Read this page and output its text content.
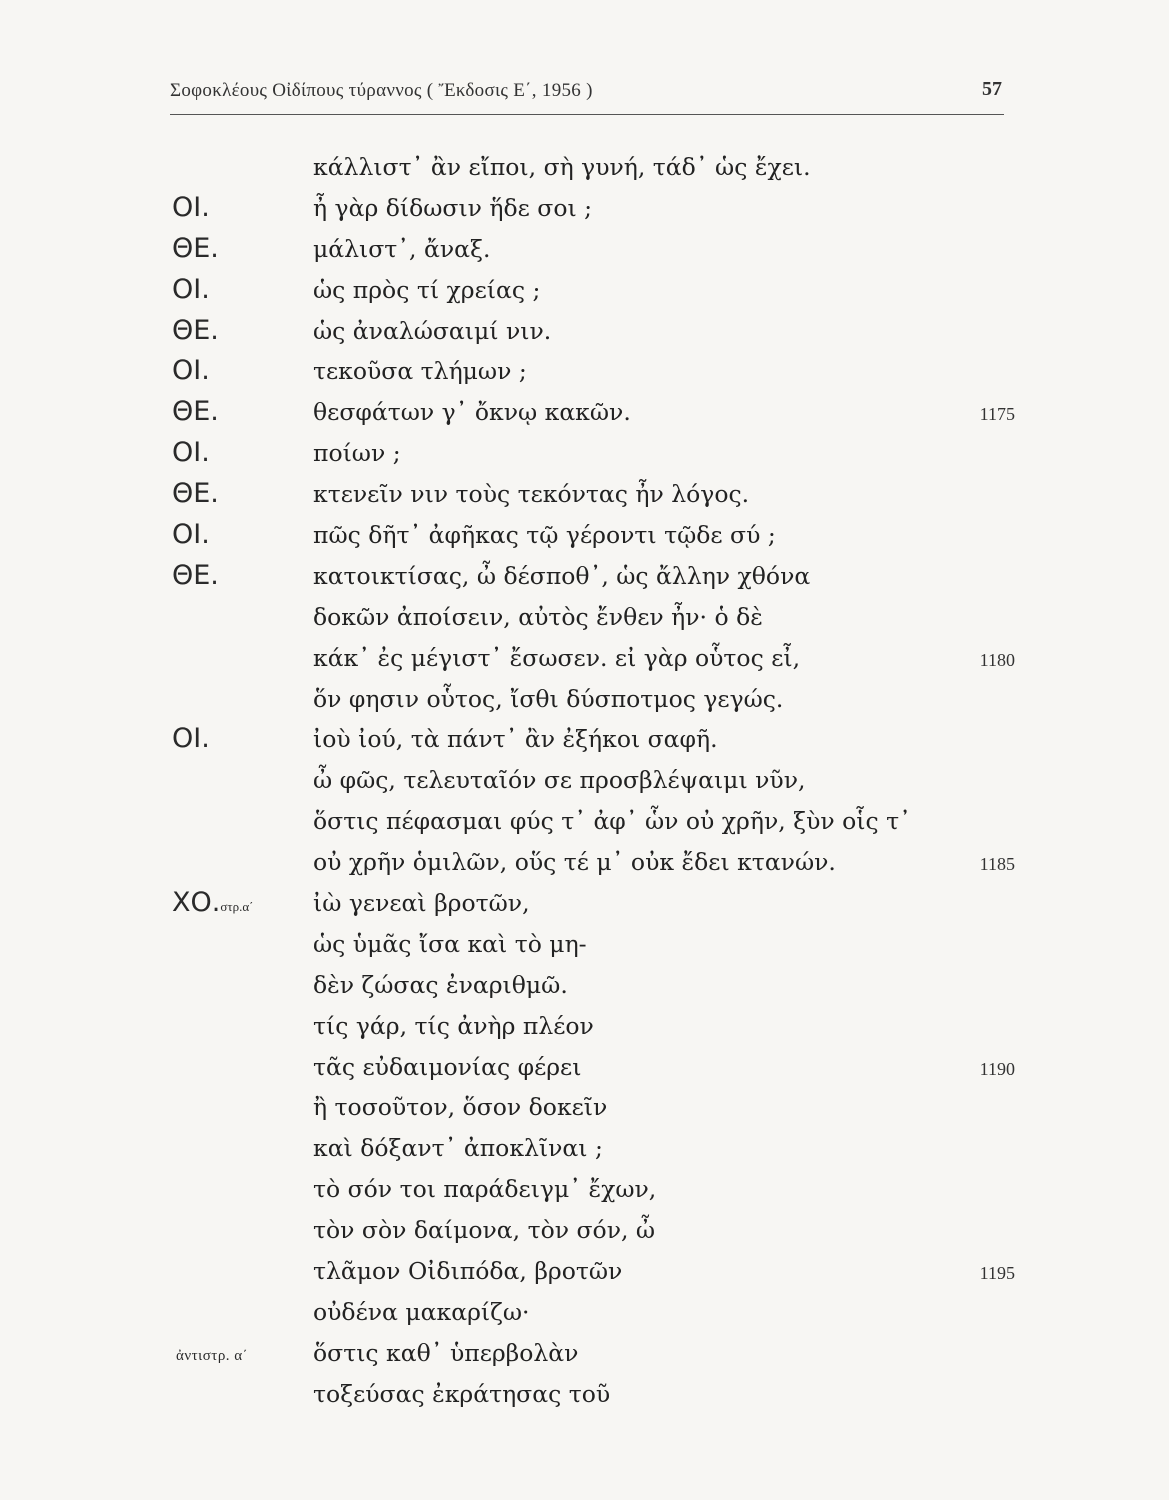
Σοφοκλέους Οἰδίπους τύραννος ( Ἔκδοσις Ε΄, 1956 )	57
κάλλιστ᾽ ἂν εἴποι, σὴ γυνή, τάδ᾽ ὡς ἔχει.
ΟΙ.	ἦ γὰρ δίδωσιν ἥδε σοι ;
ΘΕ.	μάλιστ᾽, ἄναξ.
ΟΙ.	ὡς πρὸς τί χρείας ;
ΘΕ.	ὡς ἀναλώσαιμί νιν.
ΟΙ.	τεκοῦσα τλήμων ;
ΘΕ.	θεσφάτων γ᾽ ὄκνῳ κακῶν.	1175
ΟΙ.	ποίων ;
ΘΕ.	κτενεῖν νιν τοὺς τεκόντας ἦν λόγος.
ΟΙ.	πῶς δῆτ᾽ ἀφῆκας τῷ γέροντι τῷδε σύ ;
ΘΕ.	κατοικτίσας, ὦ δέσποθ᾽, ὡς ἄλλην χθόνα
δοκῶν ἀποίσειν, αὐτὸς ἔνθεν ἦν· ὁ δὲ
κάκ᾽ ἐς μέγιστ᾽ ἔσωσεν. εἰ γὰρ οὗτος εἶ,	1180
ὅν φησιν οὗτος, ἴσθι δύσποτμος γεγώς.
ΟΙ.	ἰοὺ ἰού, τὰ πάντ᾽ ἂν ἐξήκοι σαφῆ.
ὦ φῶς, τελευταῖόν σε προσβλέψαιμι νῦν,
ὅστις πέφασμαι φύς τ᾽ ἀφ᾽ ὧν οὐ χρῆν, ξὺν οἷς τ᾽
οὐ χρῆν ὁμιλῶν, οὕς τέ μ᾽ οὐκ ἔδει κτανών.	1185
ΧΟ.στρ.α΄	ἰὼ γενεαὶ βροτῶν,
ὡς ὑμᾶς ἴσα καὶ τὸ μη-
δὲν ζώσας ἐναριθμῶ.
τίς γάρ, τίς ἀνὴρ πλέον
τᾶς εὐδαιμονίας φέρει	1190
ἢ τοσοῦτον, ὅσον δοκεῖν
καὶ δόξαντ᾽ ἀποκλῖναι ;
τὸ σόν τοι παράδειγμ᾽ ἔχων,
τὸν σὸν δαίμονα, τὸν σόν, ὦ
τλᾶμον Οἰδιπόδα, βροτῶν	1195
οὐδένα μακαρίζω·
ἀντιστρ. α΄	ὅστις καθ᾽ ὑπερβολὰν
τοξεύσας ἐκράτησας τοῦ
